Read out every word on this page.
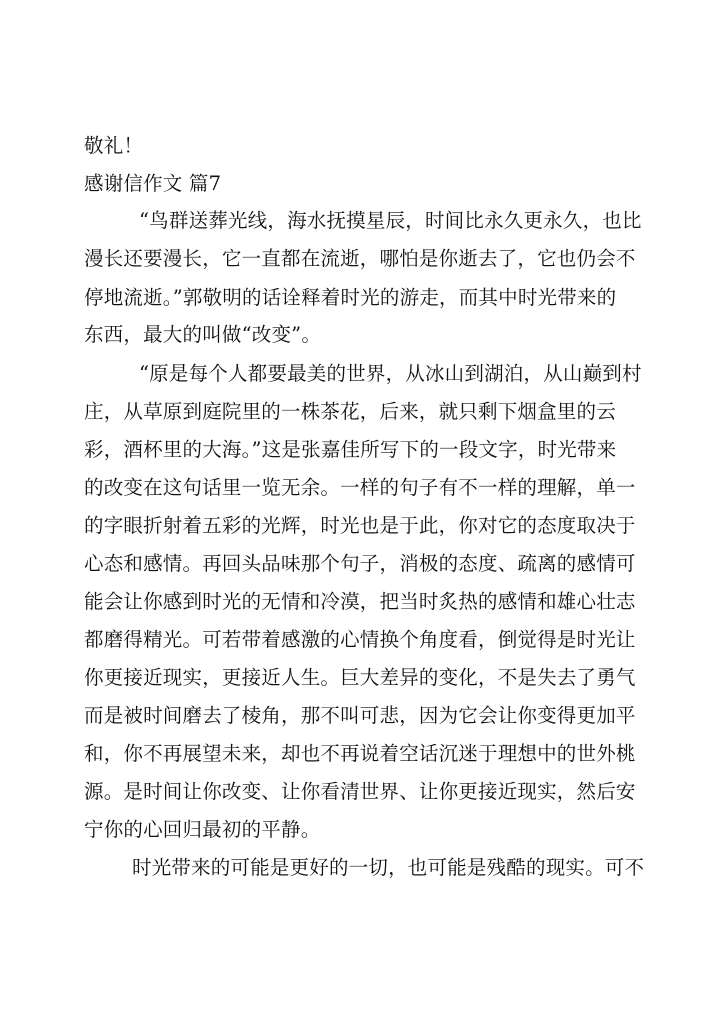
敬礼！
感谢信作文 篇7
“鸟群送葬光线，海水抚摸星辰，时间比永久更永久，也比
漫长还要漫长，它一直都在流逝，哪怕是你逝去了，它也仍会不
停地流逝。”郭敬明的话诠释着时光的游走，而其中时光带来的
东西，最大的叫做“改变”。
“原是每个人都要最美的世界，从冰山到湖泊，从山巅到村
庄，从草原到庭院里的一株茶花，后来，就只剩下烟盒里的云
彩，酒杯里的大海。”这是张嘉佳所写下的一段文字，时光带来
的改变在这句话里一览无余。一样的句子有不一样的理解，单一
的字眼折射着五彩的光辉，时光也是于此，你对它的态度取决于
心态和感情。再回头品味那个句子，消极的态度、疏离的感情可
能会让你感到时光的无情和冷漠，把当时炙热的感情和雄心壮志
都磨得精光。可若带着感激的心情换个角度看，倒觉得是时光让
你更接近现实，更接近人生。巨大差异的变化，不是失去了勇气
而是被时间磨去了棱角，那不叫可悲，因为它会让你变得更加平
和，你不再展望未来，却也不再说着空话沉迷于理想中的世外桃
源。是时间让你改变、让你看清世界、让你更接近现实，然后安
宁你的心回归最初的平静。
时光带来的可能是更好的一切，也可能是残酷的现实。可不
